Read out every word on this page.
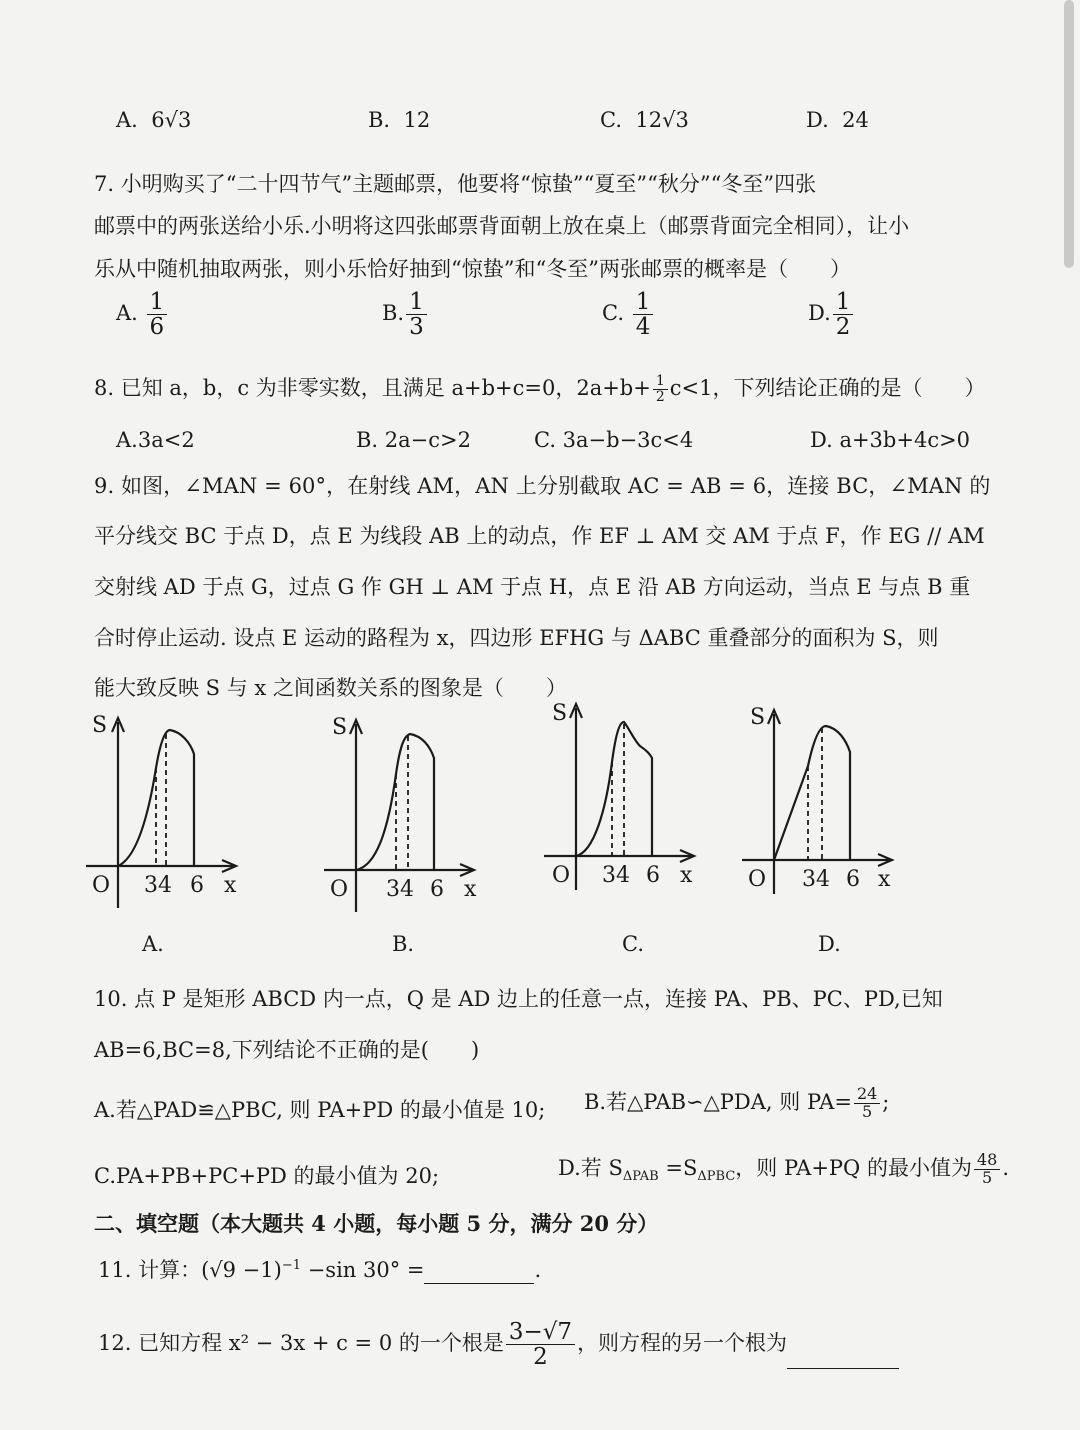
A. 6√3	B. 12	C. 12√3	D. 24
7. 小明购买了“二十四节气”主题邮票，他要将“惊蛰”“夏至”“秋分”“冬至”四张
邮票中的两张送给小乐.小明将这四张邮票背面朝上放在桌上（邮票背面完全相同），让小
乐从中随机抽取两张，则小乐恰好抽到“惊蛰”和“冬至”两张邮票的概率是（　　）
A. $\frac{1}{6}$	B. $\frac{1}{3}$	C. $\frac{1}{4}$	D. $\frac{1}{2}$
8. 已知 a，b，c 为非零实数，且满足 a+b+c=0，$2a+b+ \frac{1}{2} c<1$，下列结论正确的是（　　）
A.3a<2	B. 2a−c>2	C. 3a−b−3c<4	D. a+3b+4c>0
9. 如图，∠MAN = 60°，在射线 AM，AN 上分别截取 AC = AB = 6，连接 BC，∠MAN 的
平分线交 BC 于点 D，点 E 为线段 AB 上的动点，作 EF ⊥ AM 交 AM 于点 F，作 EG // AM
交射线 AD 于点 G，过点 G 作 GH ⊥ AM 于点 H，点 E 沿 AB 方向运动，当点 E 与点 B 重
合时停止运动. 设点 E 运动的路程为 x，四边形 EFHG 与 ΔABC 重叠部分的面积为 S，则
能大致反映 S 与 x 之间函数关系的图象是（　　）
S
O 34 6 x
A.
S
O 34 6 x
B.
S
O 34 6 x
C.
S
O 34 6 x
D.
10. 点 P 是矩形 ABCD 内一点，Q 是 AD 边上的任意一点，连接 PA、PB、PC、PD,已知
AB=6,BC=8,下列结论不正确的是(　　)
A.若△PAD≌△PBC, 则 PA+PD 的最小值是 10; B.若△PAB∽△PDA, 则 $PA= \frac{24}{5}$ ;
C.PA+PB+PC+PD 的最小值为 20;	D.若 $S_{\Delta PAB} =S_{\Delta PBC}$，则 PA+PQ 的最小值为 $\frac{48}{5}$ .
二、填空题（本大题共 4 小题，每小题 5 分，满分 20 分）
11. 计算：$(√9 -1)^{-1} -\sin$ 30° =	.
12. 已知方程 x² − 3x + c = 0 的一个根是 $\frac{3-√7}{2}$ ，则方程的另一个根为
